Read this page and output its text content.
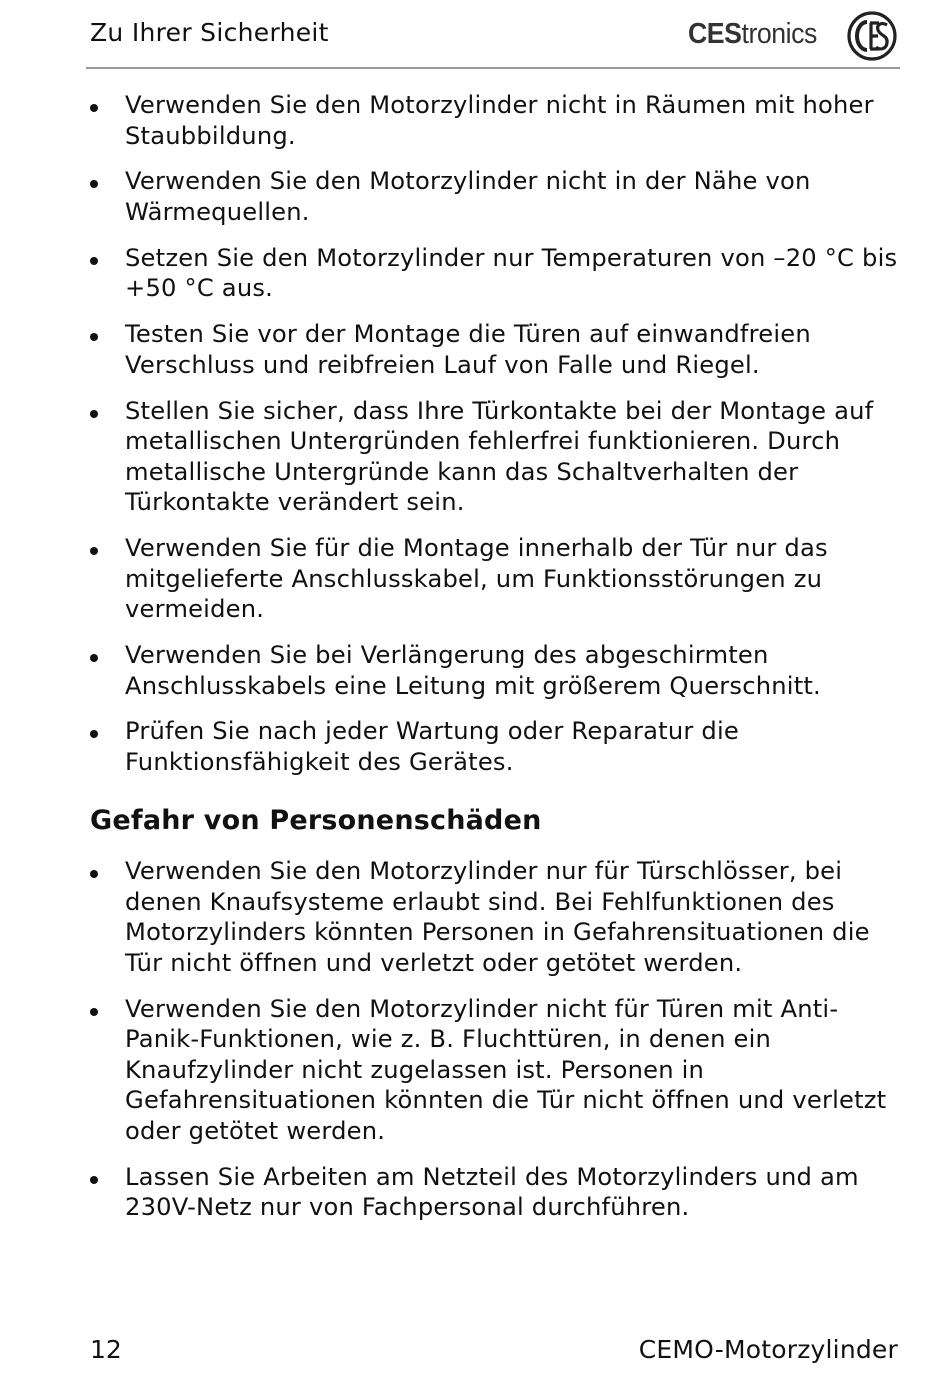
Zu Ihrer Sicherheit	CEStronics
Verwenden Sie den Motorzylinder nicht in Räumen mit hoher Staubbildung.
Verwenden Sie den Motorzylinder nicht in der Nähe von Wärmequellen.
Setzen Sie den Motorzylinder nur Temperaturen von –20 °C bis +50 °C aus.
Testen Sie vor der Montage die Türen auf einwandfreien Verschluss und reibfreien Lauf von Falle und Riegel.
Stellen Sie sicher, dass Ihre Türkontakte bei der Montage auf metallischen Untergründen fehlerfrei funktionieren. Durch metallische Untergründe kann das Schaltverhalten der Türkontakte verändert sein.
Verwenden Sie für die Montage innerhalb der Tür nur das mitgelieferte Anschlusskabel, um Funktionsstörungen zu vermeiden.
Verwenden Sie bei Verlängerung des abgeschirmten Anschlusskabels eine Leitung mit größerem Querschnitt.
Prüfen Sie nach jeder Wartung oder Reparatur die Funktionsfähigkeit des Gerätes.
Gefahr von Personenschäden
Verwenden Sie den Motorzylinder nur für Türschlösser, bei denen Knaufsysteme erlaubt sind. Bei Fehlfunktionen des Motorzylinders könnten Personen in Gefahrensituationen die Tür nicht öffnen und verletzt oder getötet werden.
Verwenden Sie den Motorzylinder nicht für Türen mit Anti-Panik-Funktionen, wie z. B. Fluchttüren, in denen ein Knaufzylinder nicht zugelassen ist. Personen in Gefahrensituationen könnten die Tür nicht öffnen und verletzt oder getötet werden.
Lassen Sie Arbeiten am Netzteil des Motorzylinders und am 230V-Netz nur von Fachpersonal durchführen.
12	CEMO-Motorzylinder
